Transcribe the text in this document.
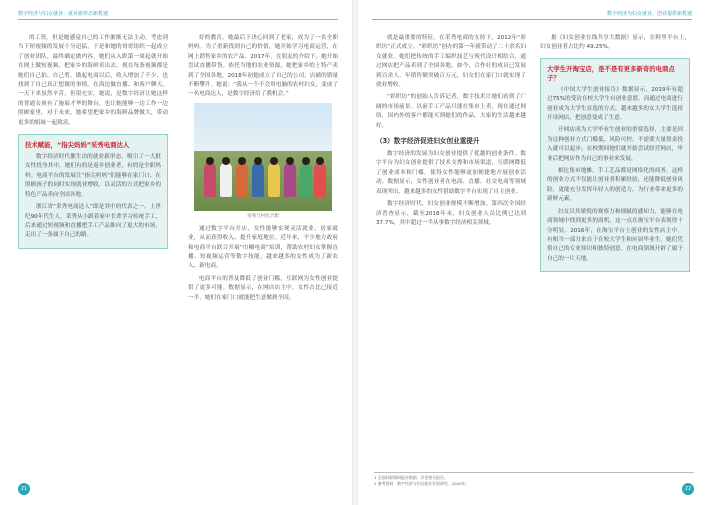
数字经济与妇女就业：就业新形态新机遇

的工资。但是她感觉自己的工作渐渐无法主动，考虑到当下短视频的发展十分迅猛，于是和她的哥哥组织一起成立了创业团队，最终确定做内容。她们从入职第一周起就开始在网上做短视频，把家乡的海鲜卖出去。现在每条视频都是她们自己拍、自己剪。做起电商以后，收入增加了不少，也找到了自己真正想做的事情。在海边做直播、和客户聊天，一天下来虽然辛苦，但很充实。她说，是数字经济让她这样的普通女孩有了施展才华的舞台，也让她能够一边工作一边照顾家里。对于未来，她希望把家乡的海鲜品牌做大，带动更多的姐妹一起致富。

技术赋能，“指尖妈妈”采秀电商达人

数字经济时代催生出的就业新形态，吸引了一大批女性投身其中，她们有的是返乡创业者，有的是全职妈妈。电商平台的发展让“指尖妈妈”们能够在家门口、在照顾孩子的同时实现就业增收，以灵活的方式把家乡的特色产品卖向全国各地。

浙江省“采秀电商达人”即是其中的代表之一。上世纪90年代生人，采秀从小跟着家中长辈学习传统手工，后来通过短视频和直播把手工产品推向了更大的市场，走出了一条属于自己的路。

好的教育。她最后下决心回到了老家，成为了一名全职妈妈。为了重新找到自己的价值，她开始学习电商运营，在网上销售家乡的农产品。2017年，在朋友的介绍下，她开始尝试直播带货。依托当地的农业资源，她把家乡的土特产卖到了全国各地，2018年初她成立了自己的公司，店铺的销量不断攀升。她说：“我从一个不会用电脑的农村妇女，变成了一名电商达人，是数字经济给了我机会。”

采秀与村民合影

通过数字平台开店，女性能够实现灵活就业、居家就业，从而获得收入、提升家庭地位。近年来，不少地方政府和电商平台联合开展“巾帼电商”培训，帮助农村妇女掌握直播、短视频运营等数字技能，越来越多的女性成为了新农人、新电商。

电商平台的普及降低了创业门槛，互联网为女性创业提供了更多可能。数据显示，在网店店主中，女性占比已接近一半，她们在家门口就能把生意做到全国。

21
数字经济为妇女就业、创业提供新机遇

就是最重要的特征。在采秀电商的支持下，2012年“彩织坊”正式成立。“彩织坊”创办的第一年就带动了二十余名妇女就业。她们把传统的手工编织技艺与现代设计相结合，通过网店把产品卖到了全国各地。如今，合作社的成员已发展到百余人，年销售额突破百万元，妇女们在家门口就实现了就业增收。

“彩织坊”的创始人告诉记者，数字技术让她们看到了广阔的市场前景。以前手工产品只能在集市上卖，现在通过网络，国内外的客户都能买到她们的作品，大家的生活越来越好。

（3）数字经济促进妇女创业重提升

数字经济的发展为妇女创业提供了优越的创业条件。数字平台为妇女创业提供了技术支撑和市场渠道，互联网降低了创业成本和门槛，使得女性能够更加便捷地开展创业活动。数据显示，女性创业者在电商、直播、社交电商等领域表现突出，越来越多的女性借助数字平台实现了自主创业。

数字经济时代，妇女创业规模不断增加。第四次全国经济普查显示，截至2018年末，妇女创业人员比例已达到37.7%，其中超过一半从事数字经济相关领域。

据《妇女创业在线共享大数据》显示，在阿里平台上，妇女创业者占比约 49.25%。

大学生开淘宝店，是不是有更多新奇的电商点子？

《中国大学生创业报告》数据显示，2019年有超过75%的受访在校大学生有创业意愿，而通过电商进行创业成为大学生首选的方式。越来越多的女大学生选择开设网店，把创意变成了生意。

开网店成为大学毕业生创业的重要选择，主要是因为这种创业方式门槛低、风险可控，不需要大量资金投入就可以起步。在校期间她们就开始尝试经营网店，毕业后把网店作为自己的事业来发展。

相比集市地摊，手工艺品都是网络化的商务，这样的创业方式不仅能让创业者积累经验，还能降低创业风险，更能充分发挥年轻人的创造力，为行业带来更多的新鲜元素。

妇女以其敏锐的观察力和细腻的感知力，能够在电商领域中找到更多的商机，这一点在淘宝平台表现得十分明显。2016年，在淘宝平台上创业的女性店主中，有相当一部分来自于在校大学生和应届毕业生，她们凭借自己的专业知识和独特创意，在电商领域开辟了属于自己的一片天地。

22
1 全国妇联调研报告数据，详见相关报告。
2 参考资料：数字经济与妇女就业发展研究，2020年。
